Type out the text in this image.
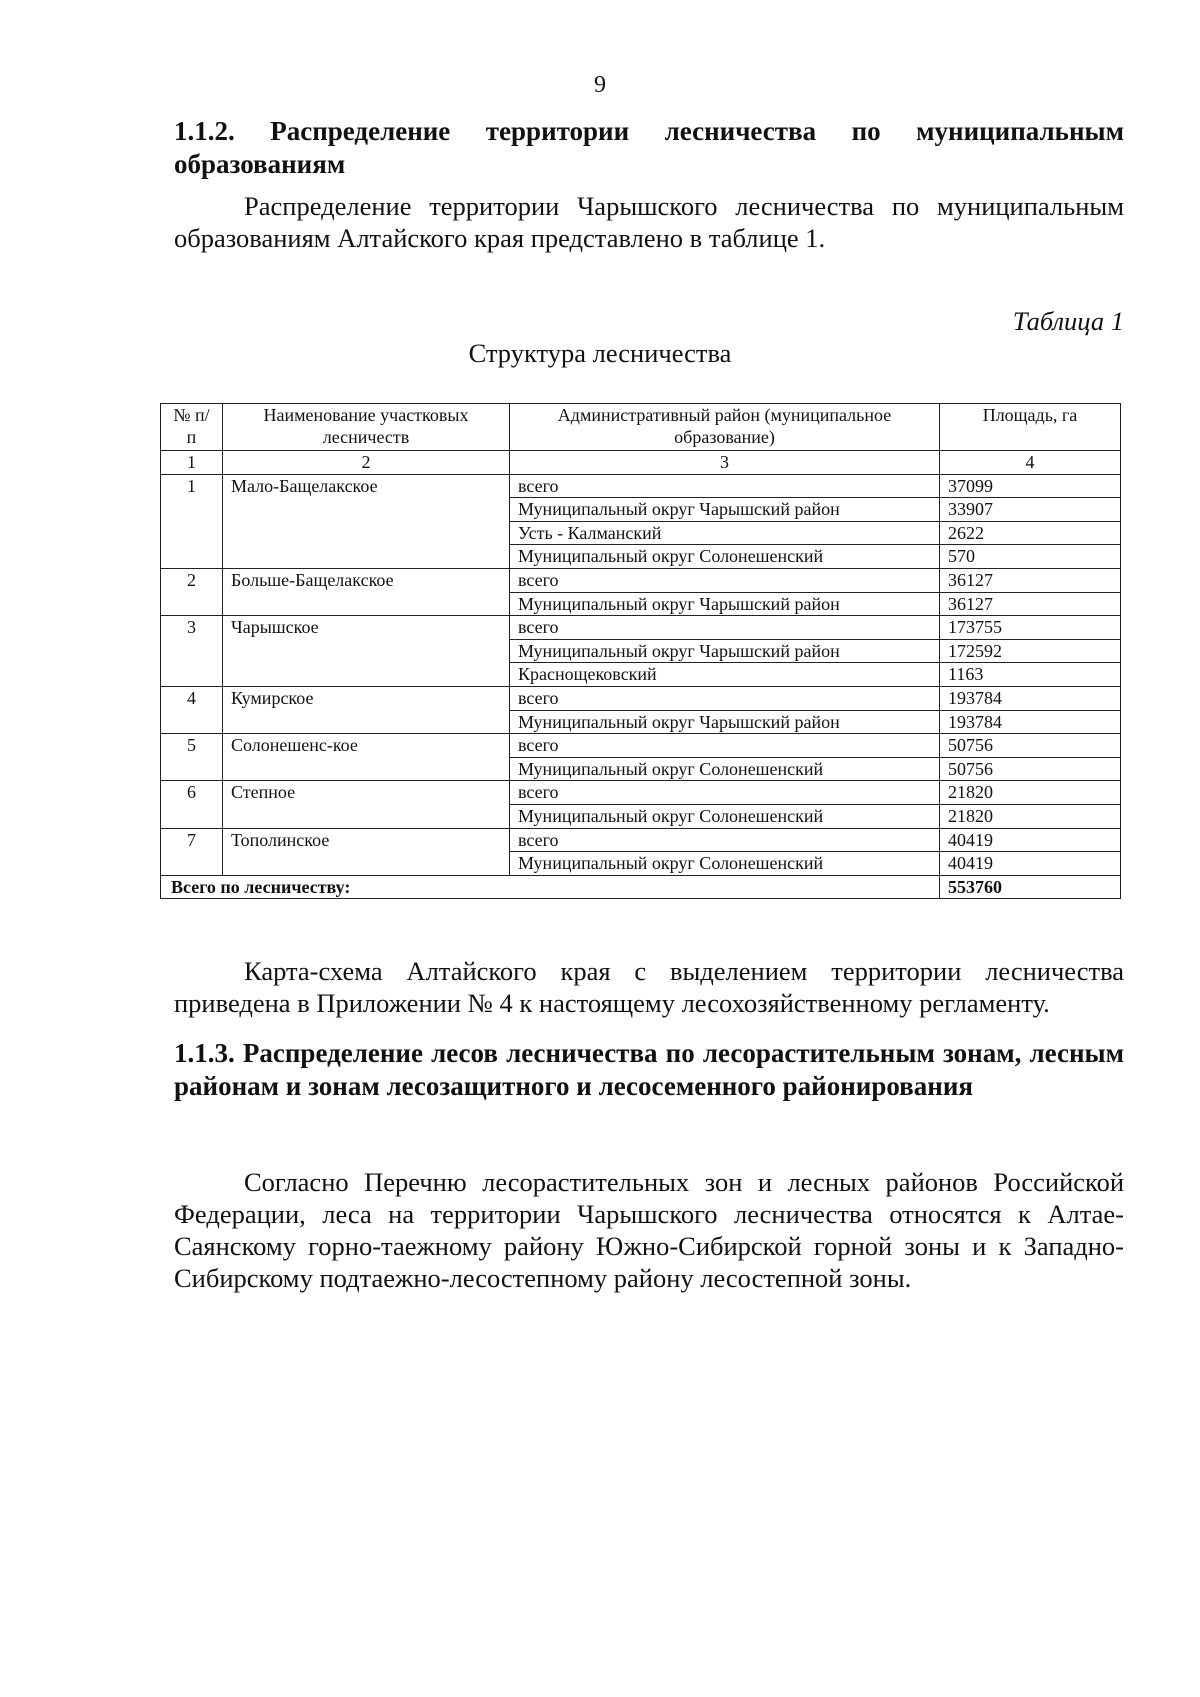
9
1.1.2. Распределение территории лесничества по муниципальным образованиям
Распределение территории Чарышского лесничества по муниципальным образованиям Алтайского края представлено в таблице 1.
Таблица 1
Структура лесничества
№ п/п	Наименование участковых лесничеств	Административный район (муниципальное образование)	Площадь, га
1	2	3	4
1	Мало-Бащелакское	всего	37099
		Муниципальный округ Чарышский район	33907
		Усть - Калманский	2622
		Муниципальный округ Солонешенский	570
2	Больше-Бащелакское	всего	36127
		Муниципальный округ Чарышский район	36127
3	Чарышское	всего	173755
		Муниципальный округ Чарышский район	172592
		Краснощековский	1163
4	Кумирское	всего	193784
		Муниципальный округ Чарышский район	193784
5	Солонешенс-кое	всего	50756
		Муниципальный округ Солонешенский	50756
6	Степное	всего	21820
		Муниципальный округ Солонешенский	21820
7	Тополинское	всего	40419
		Муниципальный округ Солонешенский	40419
Всего по лесничеству:			553760
Карта-схема Алтайского края с выделением территории лесничества приведена в Приложении № 4 к настоящему лесохозяйственному регламенту.
1.1.3. Распределение лесов лесничества по лесорастительным зонам, лесным районам и зонам лесозащитного и лесосеменного районирования
Согласно Перечню лесорастительных зон и лесных районов Российской Федерации, леса на территории Чарышского лесничества относятся к Алтае-Саянскому горно-таежному району Южно-Сибирской горной зоны и к Западно-Сибирскому подтаежно-лесостепному району лесостепной зоны.
